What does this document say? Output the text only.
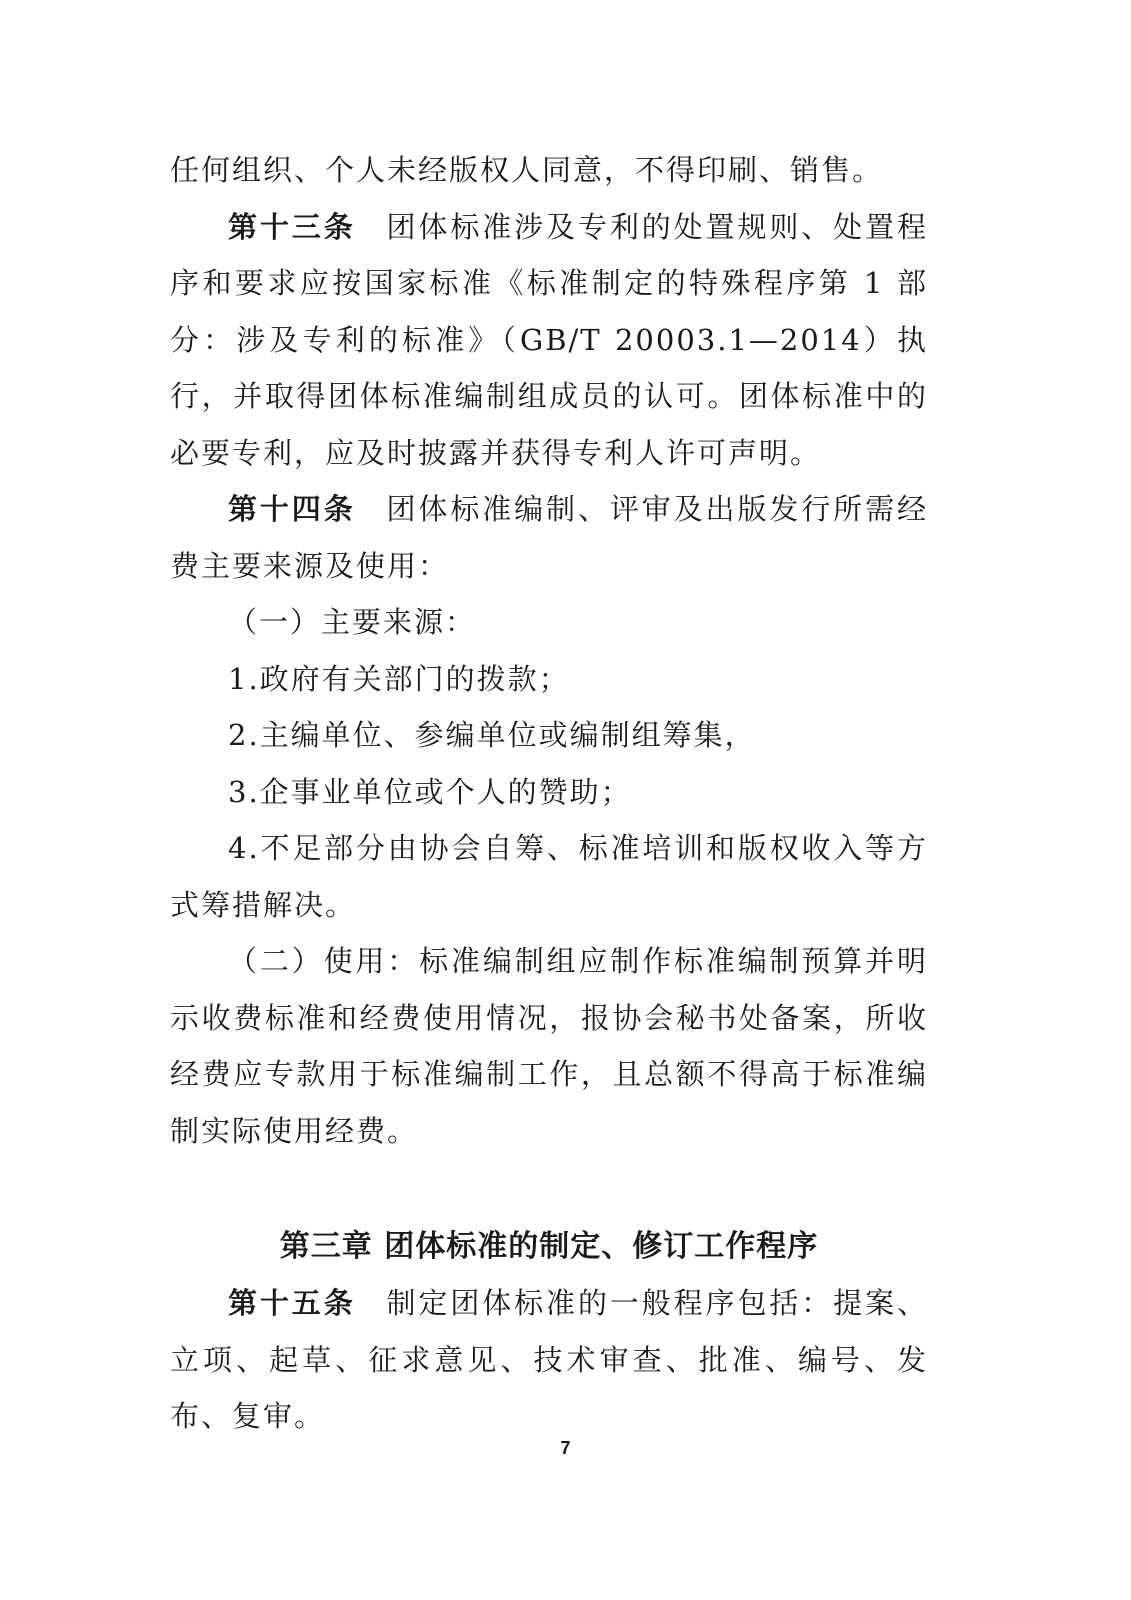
任何组织、个人未经版权人同意，不得印刷、销售。

第十三条 团体标准涉及专利的处置规则、处置程序和要求应按国家标准《标准制定的特殊程序第 1 部分：涉及专利的标准》（GB/T 20003.1—2014）执行，并取得团体标准编制组成员的认可。团体标准中的必要专利，应及时披露并获得专利人许可声明。

第十四条 团体标准编制、评审及出版发行所需经费主要来源及使用：

（一）主要来源：

1.政府有关部门的拨款；

2.主编单位、参编单位或编制组筹集，

3.企事业单位或个人的赞助；

4.不足部分由协会自筹、标准培训和版权收入等方式筹措解决。

（二）使用：标准编制组应制作标准编制预算并明示收费标准和经费使用情况，报协会秘书处备案，所收经费应专款用于标准编制工作，且总额不得高于标准编制实际使用经费。

第三章 团体标准的制定、修订工作程序

第十五条 制定团体标准的一般程序包括：提案、立项、起草、征求意见、技术审查、批准、编号、发布、复审。

7
